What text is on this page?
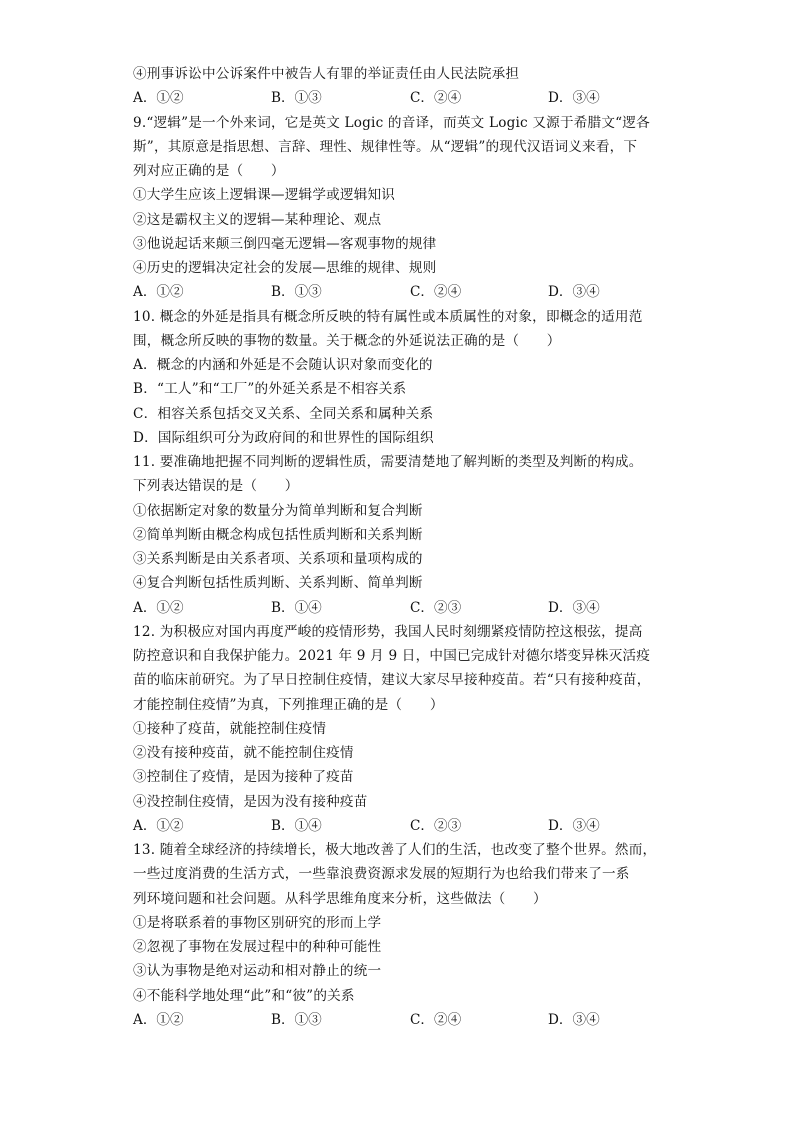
④刑事诉讼中公诉案件中被告人有罪的举证责任由人民法院承担
A．①②	B．①③	C．②④	D．③④
9.“逻辑”是一个外来词，它是英文 Logic 的音译，而英文 Logic 又源于希腊文“逻各
斯”，其原意是指思想、言辞、理性、规律性等。从“逻辑”的现代汉语词义来看，下
列对应正确的是（　　）
①大学生应该上逻辑课—逻辑学或逻辑知识
②这是霸权主义的逻辑—某种理论、观点
③他说起话来颠三倒四毫无逻辑—客观事物的规律
④历史的逻辑决定社会的发展—思维的规律、规则
A．①②	B．①③	C．②④	D．③④
10. 概念的外延是指具有概念所反映的特有属性或本质属性的对象，即概念的适用范
围，概念所反映的事物的数量。关于概念的外延说法正确的是（　　）
A．概念的内涵和外延是不会随认识对象而变化的
B．“工人”和“工厂”的外延关系是不相容关系
C．相容关系包括交叉关系、全同关系和属种关系
D．国际组织可分为政府间的和世界性的国际组织
11. 要准确地把握不同判断的逻辑性质，需要清楚地了解判断的类型及判断的构成。
下列表达错误的是（　　）
①依据断定对象的数量分为简单判断和复合判断
②简单判断由概念构成包括性质判断和关系判断
③关系判断是由关系者项、关系项和量项构成的
④复合判断包括性质判断、关系判断、简单判断
A．①②	B．①④	C．②③	D．③④
12. 为积极应对国内再度严峻的疫情形势，我国人民时刻绷紧疫情防控这根弦，提高
防控意识和自我保护能力。2021 年 9 月 9 日，中国已完成针对德尔塔变异株灭活疫
苗的临床前研究。为了早日控制住疫情，建议大家尽早接种疫苗。若“只有接种疫苗，
才能控制住疫情”为真，下列推理正确的是（　　）
①接种了疫苗，就能控制住疫情
②没有接种疫苗，就不能控制住疫情
③控制住了疫情，是因为接种了疫苗
④没控制住疫情，是因为没有接种疫苗
A．①②	B．①④	C．②③	D．③④
13. 随着全球经济的持续增长，极大地改善了人们的生活，也改变了整个世界。然而，
一些过度消费的生活方式，一些靠浪费资源求发展的短期行为也给我们带来了一系
列环境问题和社会问题。从科学思维角度来分析，这些做法（　　）
①是将联系着的事物区别研究的形而上学
②忽视了事物在发展过程中的种种可能性
③认为事物是绝对运动和相对静止的统一
④不能科学地处理“此”和“彼”的关系
A．①②	B．①③	C．②④	D．③④
